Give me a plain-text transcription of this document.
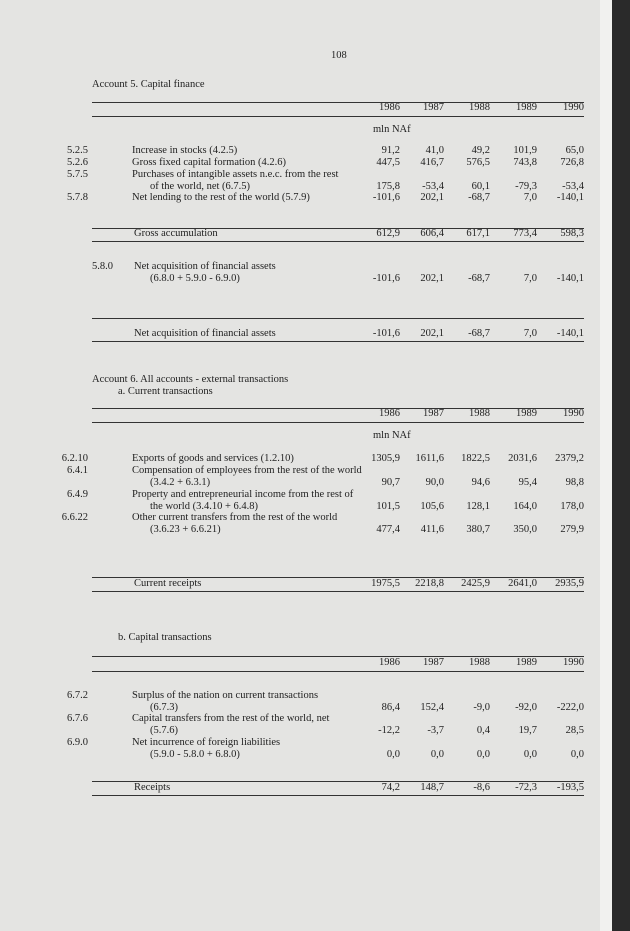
108
Account 5. Capital finance
1986	1987	1988	1989	1990
mln NAf
5.2.5	Increase in stocks (4.2.5)	91,2	41,0	49,2	101,9	65,0
5.2.6	Gross fixed capital formation (4.2.6)	447,5	416,7	576,5	743,8	726,8
5.7.5	Purchases of intangible assets n.e.c. from the rest
of the world, net (6.7.5)	175,8	-53,4	60,1	-79,3	-53,4
5.7.8	Net lending to the rest of the world (5.7.9)	-101,6	202,1	-68,7	7,0	-140,1
Gross accumulation	612,9	606,4	617,1	773,4	598,3
5.8.0 Net acquisition of financial assets
(6.8.0 + 5.9.0 - 6.9.0)	-101,6	202,1	-68,7	7,0	-140,1
Net acquisition of financial assets	-101,6	202,1	-68,7	7,0	-140,1
Account 6. All accounts - external transactions
a. Current transactions
1986	1987	1988	1989	1990
mln NAf
6.2.10	Exports of goods and services (1.2.10)	1305,9	1611,6	1822,5	2031,6	2379,2
6.4.1	Compensation of employees from the rest of the world
(3.4.2 + 6.3.1)	90,7	90,0	94,6	95,4	98,8
6.4.9	Property and entrepreneurial income from the rest of
the world (3.4.10 + 6.4.8)	101,5	105,6	128,1	164,0	178,0
6.6.22	Other current transfers from the rest of the world
(3.6.23 + 6.6.21)	477,4	411,6	380,7	350,0	279,9
Current receipts	1975,5	2218,8	2425,9	2641,0	2935,9
b. Capital transactions
1986	1987	1988	1989	1990
6.7.2	Surplus of the nation on current transactions
(6.7.3)	86,4	152,4	-9,0	-92,0	-222,0
6.7.6	Capital transfers from the rest of the world, net
(5.7.6)	-12,2	-3,7	0,4	19,7	28,5
6.9.0	Net incurrence of foreign liabilities
(5.9.0 - 5.8.0 + 6.8.0)	0,0	0,0	0,0	0,0	0,0
Receipts	74,2	148,7	-8,6	-72,3	-193,5
